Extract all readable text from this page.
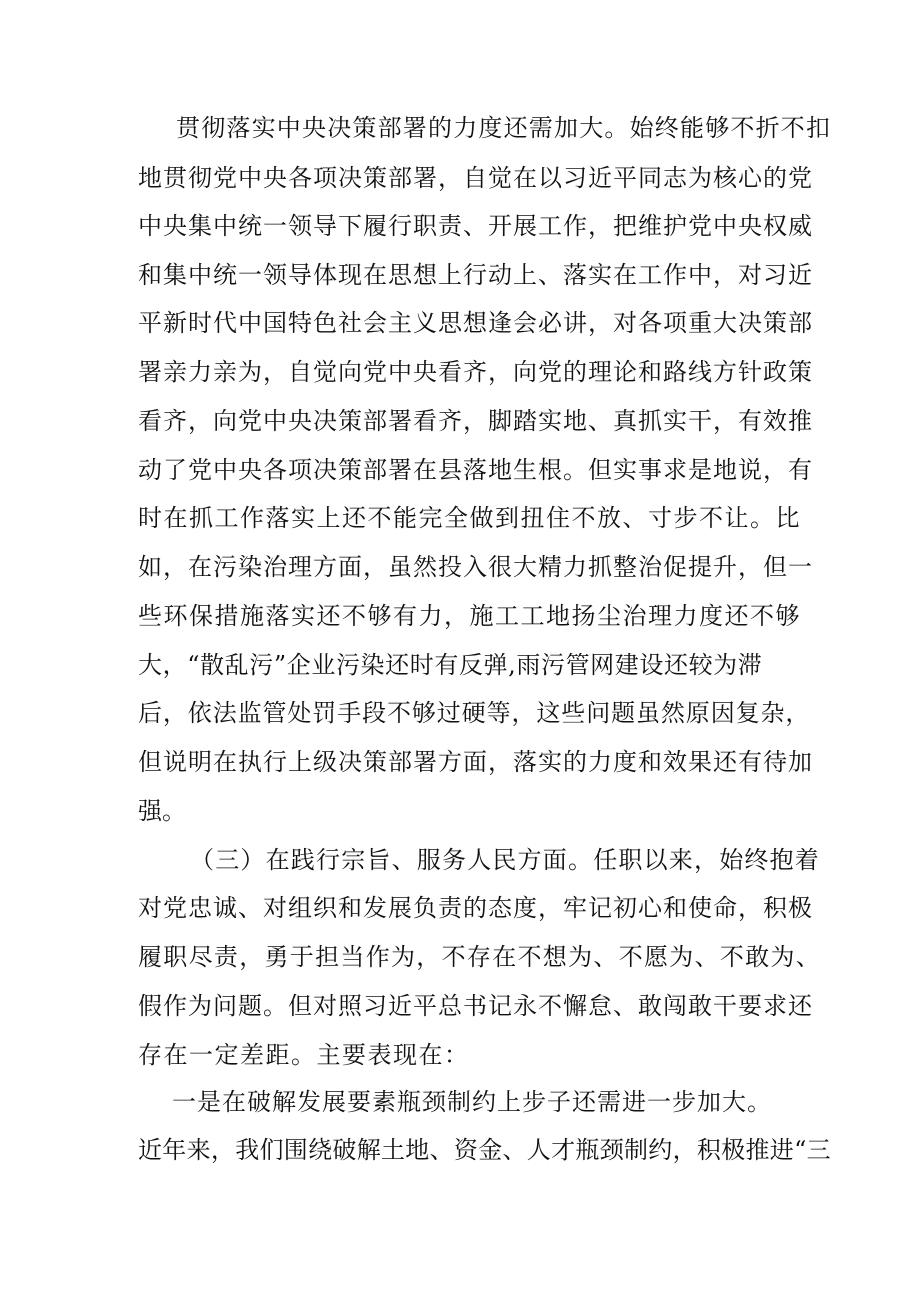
贯彻落实中央决策部署的力度还需加大。始终能够不折不扣
地贯彻党中央各项决策部署，自觉在以习近平同志为核心的党
中央集中统一领导下履行职责、开展工作，把维护党中央权威
和集中统一领导体现在思想上行动上、落实在工作中，对习近
平新时代中国特色社会主义思想逢会必讲，对各项重大决策部
署亲力亲为，自觉向党中央看齐，向党的理论和路线方针政策
看齐，向党中央决策部署看齐，脚踏实地、真抓实干，有效推
动了党中央各项决策部署在县落地生根。但实事求是地说，有
时在抓工作落实上还不能完全做到扭住不放、寸步不让。比
如，在污染治理方面，虽然投入很大精力抓整治促提升，但一
些环保措施落实还不够有力，施工工地扬尘治理力度还不够
大，“散乱污”企业污染还时有反弹,雨污管网建设还较为滞
后，依法监管处罚手段不够过硬等，这些问题虽然原因复杂，
但说明在执行上级决策部署方面，落实的力度和效果还有待加
强。
（三）在践行宗旨、服务人民方面。任职以来，始终抱着
对党忠诚、对组织和发展负责的态度，牢记初心和使命，积极
履职尽责，勇于担当作为，不存在不想为、不愿为、不敢为、
假作为问题。但对照习近平总书记永不懈怠、敢闯敢干要求还
存在一定差距。主要表现在：
一是在破解发展要素瓶颈制约上步子还需进一步加大。
近年来，我们围绕破解土地、资金、人才瓶颈制约，积极推进“三
